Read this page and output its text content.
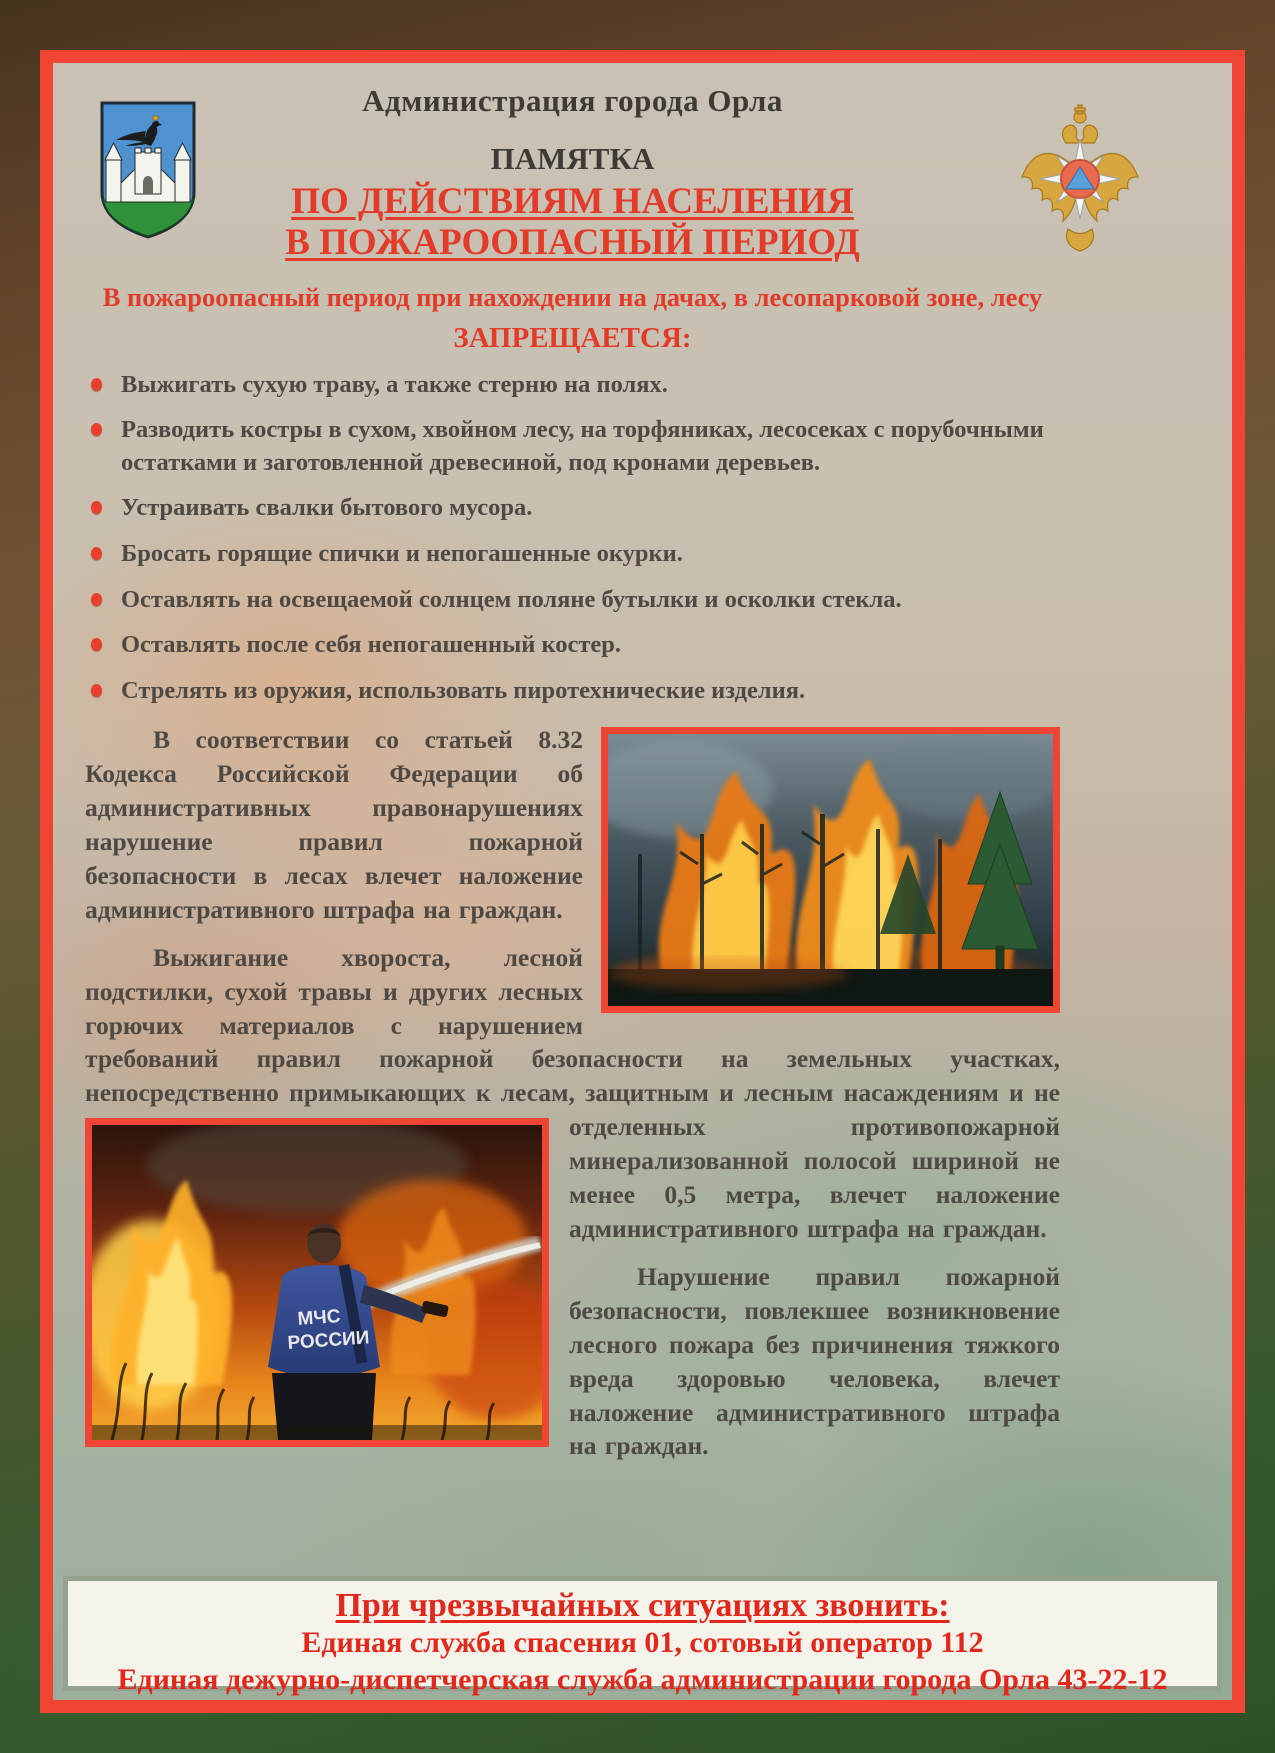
Администрация города Орла
ПАМЯТКА
ПО ДЕЙСТВИЯМ НАСЕЛЕНИЯ
В ПОЖАРООПАСНЫЙ ПЕРИОД
В пожароопасный период при нахождении на дачах, в лесопарковой зоне, лесу
ЗАПРЕЩАЕТСЯ:
Выжигать сухую траву, а также стерню на полях.
Разводить костры в сухом, хвойном лесу, на торфяниках, лесосеках с порубочными остатками и заготовленной древесиной, под кронами деревьев.
Устраивать свалки бытового мусора.
Бросать горящие спички и непогашенные окурки.
Оставлять на освещаемой солнцем поляне бутылки и осколки стекла.
Оставлять после себя непогашенный костер.
Стрелять из оружия, использовать пиротехнические изделия.

В соответствии со статьей 8.32 Кодекса Российской Федерации об административных правонарушениях нарушение правил пожарной безопасности в лесах влечет наложение административного штрафа на граждан.

Выжигание хвороста, лесной подстилки, сухой травы и других лесных горючих материалов с нарушением требований правил пожарной безопасности на земельных участках, непосредственно примыкающих к лесам, защитным и лесным насаждениям и не отделенных противопожарной
МЧС
РОССИИ
минерализованной полосой шириной не менее 0,5 метра, влечет наложение административного штрафа на граждан.

Нарушение правил пожарной безопасности, повлекшее возникновение лесного пожара без причинения тяжкого вреда здоровью человека, влечет наложение административного штрафа на граждан.

При чрезвычайных ситуациях звонить:
Единая служба спасения 01, сотовый оператор 112
Единая дежурно-диспетчерская служба администрации города Орла 43-22-12
